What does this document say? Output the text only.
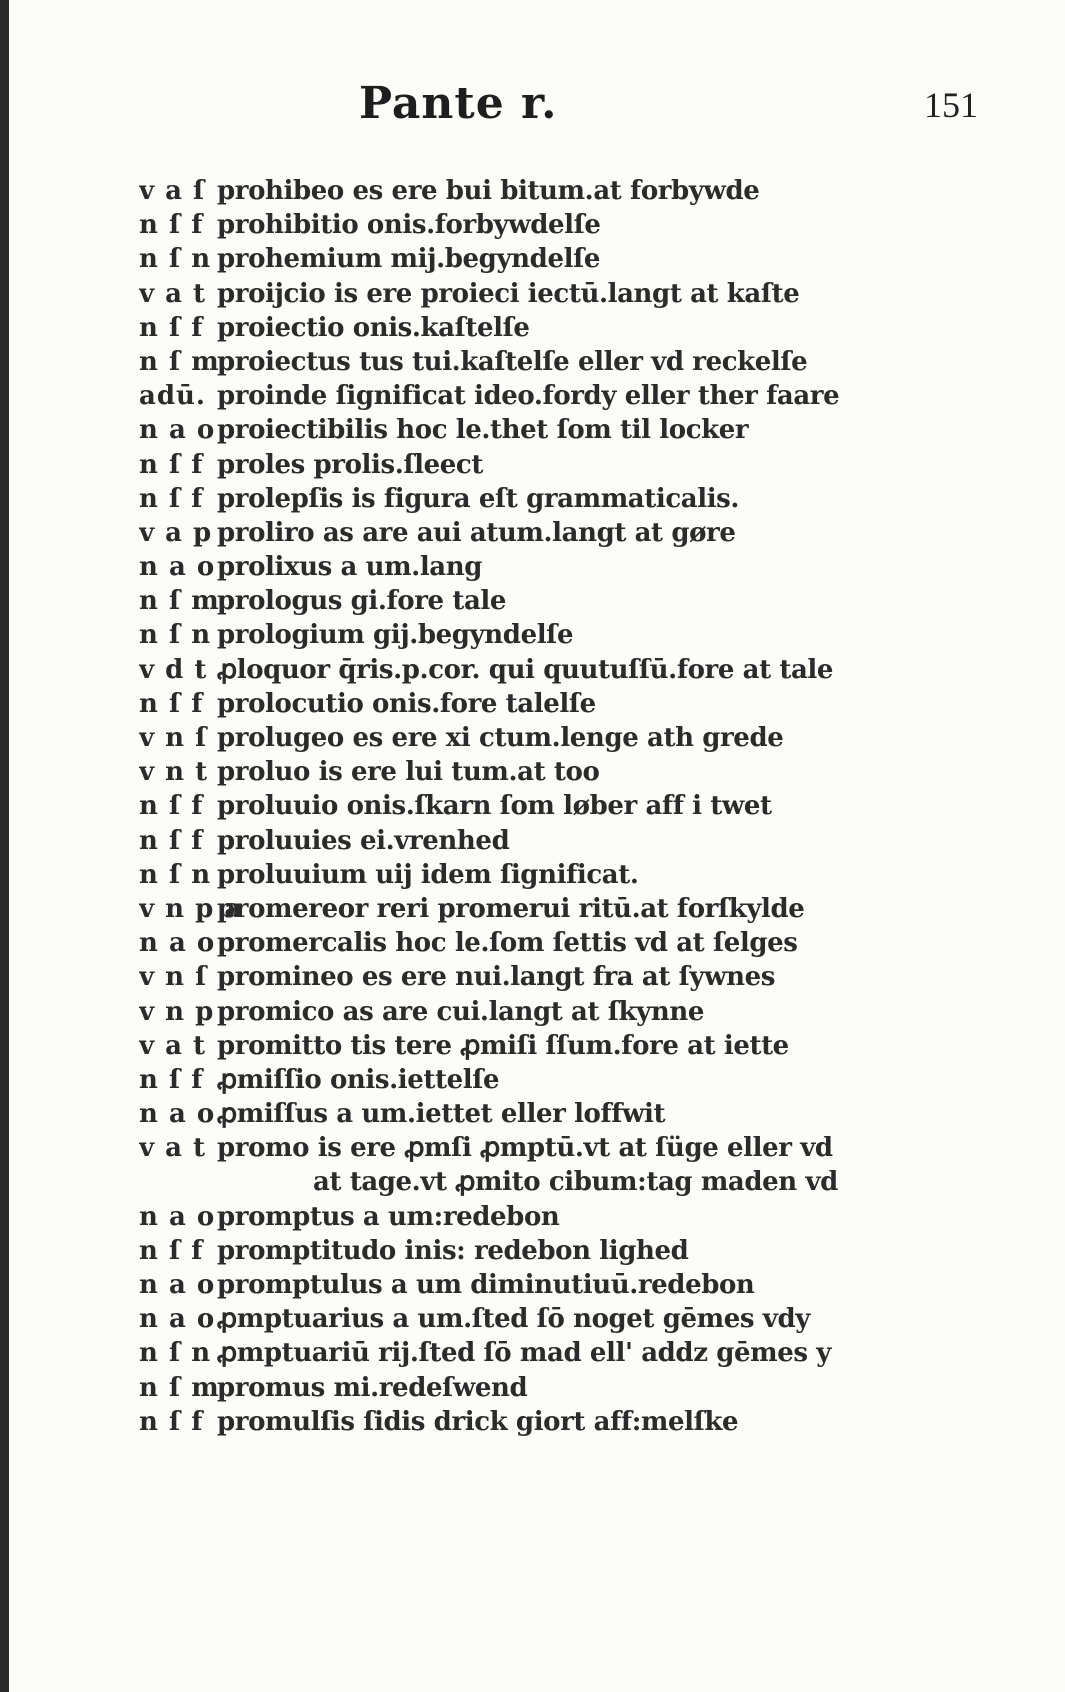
Pante r.	151
v a ſ prohibeo es ere bui bitum.at forbywde
n ſ f prohibitio onis.forbywdelſe
n ſ n prohemium mij.begyndelſe
v a t proijcio is ere proieci iectū.langt at kaſte
n ſ f proiectio onis.kaſtelſe
n ſ m
proiectus tus tui.kaſtelſe eller vd reckelſe
adū. proinde ſignificat ideo.fordy eller ther faare
n a o proiectibilis hoc le.thet ſom til locker
n ſ f proles prolis.ſleect
n ſ f prolepſis is figura eſt grammaticalis.
v a p proliro as are aui atum.langt at gøre
n a o prolixus a um.lang
n ſ m
prologus gi.fore tale
n ſ n prologium gij.begyndelſe
v d t ꝓloquor q̄ris.p.cor. qui quutuſſū.fore at tale
n ſ f prolocutio onis.fore talelſe
v n ſ prolugeo es ere xi ctum.lenge ath grede
v n t proluo is ere lui tum.at too
n ſ f proluuio onis.ſkarn ſom løber aff i twet
n ſ f proluuies ei.vrenhed
n ſ n proluuium uij idem ſignificat.
v n p a
promereor reri promerui ritū.at forſkylde
n a o promercalis hoc le.ſom ſettis vd at ſelges
v n ſ promineo es ere nui.langt fra at ſywnes
v n p promico as are cui.langt at ſkynne
v a t promitto tis tere ꝓmiſi ſſum.fore at iette
n ſ f ꝓmiſſio onis.iettelſe
n a o ꝓmiſſus a um.iettet eller loffwit
v a t promo is ere ꝓmſi ꝓmptū.vt at ſüge eller vd
at tage.vt ꝓmito cibum:tag maden vd
n a o promptus a um:redebon
n ſ f promptitudo inis: redebon lighed
n a o promptulus a um diminutiuū.redebon
n a o ꝓmptuarius a um.ſted ſō noget gēmes vdy
n ſ n ꝓmptuariū rij.ſted ſō mad ell' addz gēmes y
n ſ m
promus mi.redeſwend
n ſ f promulſis ſidis drick giort aff:melſke
